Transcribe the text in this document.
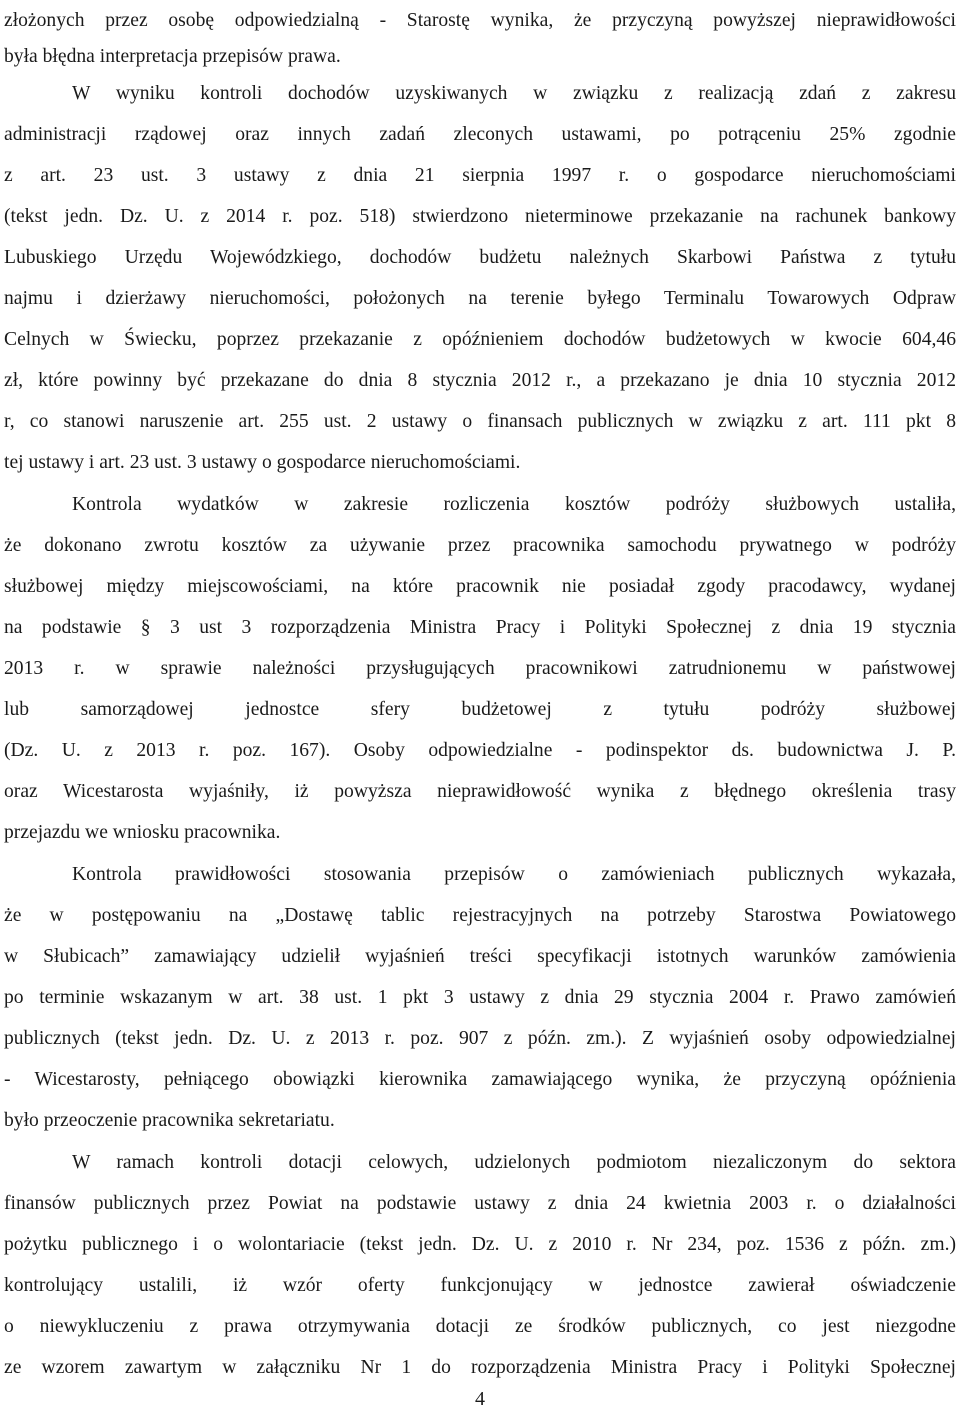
złożonych przez osobę odpowiedzialną - Starostę wynika, że przyczyną powyższej nieprawidłowości
była błędna interpretacja przepisów prawa.
W wyniku kontroli dochodów uzyskiwanych w związku z realizacją zdań z zakresu
administracji rządowej oraz innych zadań zleconych ustawami, po potrąceniu 25% zgodnie
z art. 23 ust. 3 ustawy z dnia 21 sierpnia 1997 r. o gospodarce nieruchomościami
(tekst jedn. Dz. U. z 2014 r. poz. 518) stwierdzono nieterminowe przekazanie na rachunek bankowy
Lubuskiego Urzędu Wojewódzkiego, dochodów budżetu należnych Skarbowi Państwa z tytułu
najmu i dzierżawy nieruchomości, położonych na terenie byłego Terminalu Towarowych Odpraw
Celnych w Świecku, poprzez przekazanie z opóźnieniem dochodów budżetowych w kwocie 604,46
zł, które powinny być przekazane do dnia 8 stycznia 2012 r., a przekazano je dnia 10 stycznia 2012
r, co stanowi naruszenie art. 255 ust. 2 ustawy o finansach publicznych w związku z art. 111 pkt 8
tej ustawy i art. 23 ust. 3 ustawy o gospodarce nieruchomościami.
Kontrola wydatków w zakresie rozliczenia kosztów podróży służbowych ustaliła,
że dokonano zwrotu kosztów za używanie przez pracownika samochodu prywatnego w podróży
służbowej między miejscowościami, na które pracownik nie posiadał zgody pracodawcy, wydanej
na podstawie § 3 ust 3 rozporządzenia Ministra Pracy i Polityki Społecznej z dnia 19 stycznia
2013 r. w sprawie należności przysługujących pracownikowi zatrudnionemu w państwowej
lub samorządowej jednostce sfery budżetowej z tytułu podróży służbowej
(Dz. U. z 2013 r. poz. 167). Osoby odpowiedzialne - podinspektor ds. budownictwa J. P.
oraz Wicestarosta wyjaśniły, iż powyższa nieprawidłowość wynika z błędnego określenia trasy
przejazdu we wniosku pracownika.
Kontrola prawidłowości stosowania przepisów o zamówieniach publicznych wykazała,
że w postępowaniu na „Dostawę tablic rejestracyjnych na potrzeby Starostwa Powiatowego
w Słubicach” zamawiający udzielił wyjaśnień treści specyfikacji istotnych warunków zamówienia
po terminie wskazanym w art. 38 ust. 1 pkt 3 ustawy z dnia 29 stycznia 2004 r. Prawo zamówień
publicznych (tekst jedn. Dz. U. z 2013 r. poz. 907 z późn. zm.). Z wyjaśnień osoby odpowiedzialnej
- Wicestarosty, pełniącego obowiązki kierownika zamawiającego wynika, że przyczyną opóźnienia
było przeoczenie pracownika sekretariatu.
W ramach kontroli dotacji celowych, udzielonych podmiotom niezaliczonym do sektora
finansów publicznych przez Powiat na podstawie ustawy z dnia 24 kwietnia 2003 r. o działalności
pożytku publicznego i o wolontariacie (tekst jedn. Dz. U. z 2010 r. Nr 234, poz. 1536 z późn. zm.)
kontrolujący ustalili, iż wzór oferty funkcjonujący w jednostce zawierał oświadczenie
o niewykluczeniu z prawa otrzymywania dotacji ze środków publicznych, co jest niezgodne
ze wzorem zawartym w załączniku Nr 1 do rozporządzenia Ministra Pracy i Polityki Społecznej
4
